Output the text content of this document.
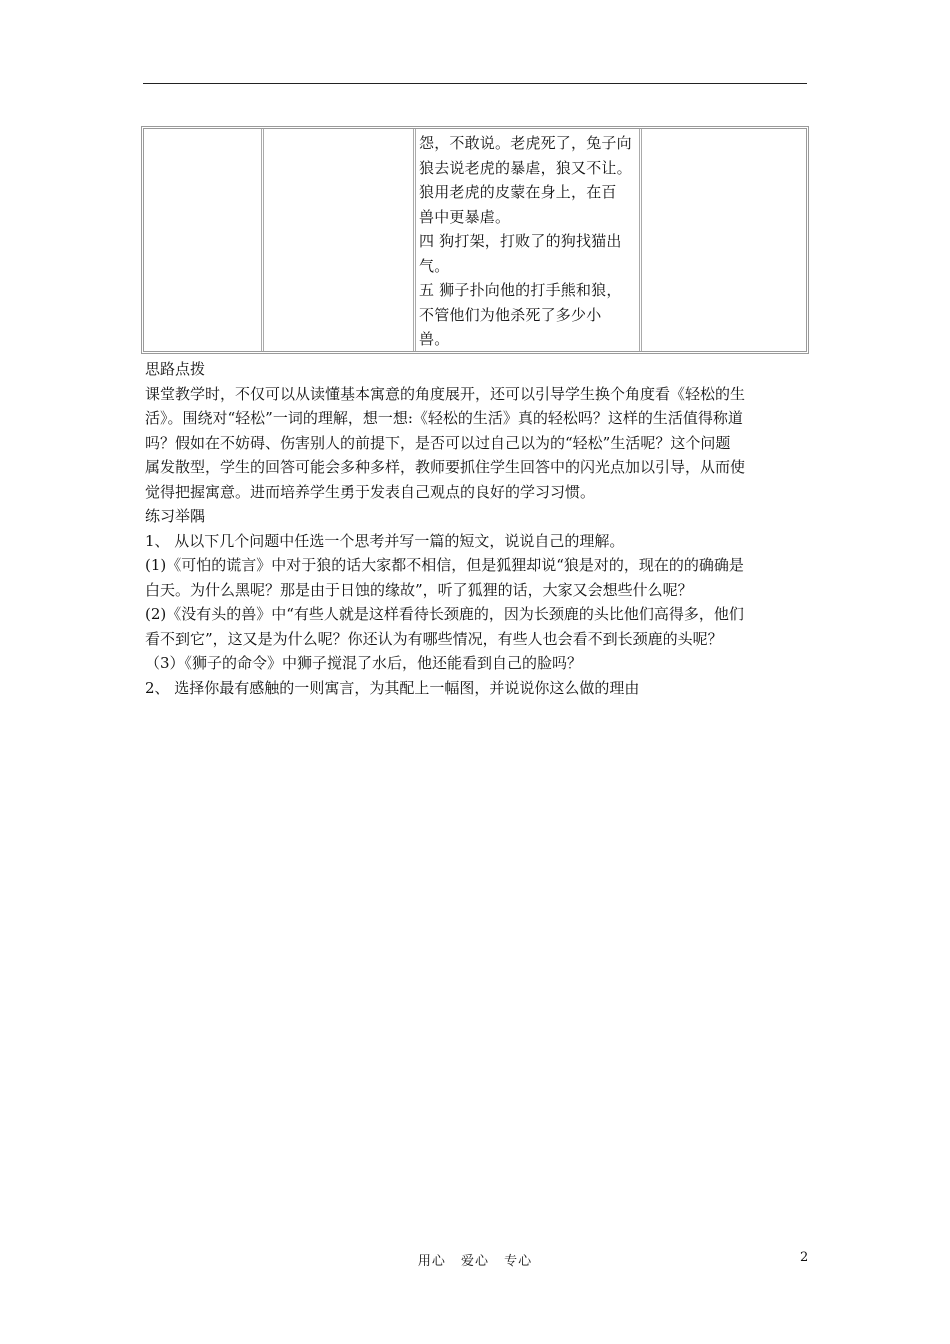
怨，不敢说。老虎死了，兔子向
狼去说老虎的暴虐，狼又不让。
狼用老虎的皮蒙在身上，在百
兽中更暴虐。
四 狗打架，打败了的狗找猫出
气。
五 狮子扑向他的打手熊和狼，
不管他们为他杀死了多少小
兽。
思路点拨
课堂教学时，不仅可以从读懂基本寓意的角度展开，还可以引导学生换个角度看《轻松的生
活》。围绕对“轻松”一词的理解，想一想:《轻松的生活》真的轻松吗？这样的生活值得称道
吗？假如在不妨碍、伤害别人的前提下，是否可以过自己以为的“轻松”生活呢？这个问题
属发散型，学生的回答可能会多种多样，教师要抓住学生回答中的闪光点加以引导，从而使
觉得把握寓意。进而培养学生勇于发表自己观点的良好的学习习惯。
练习举隅
1、 从以下几个问题中任选一个思考并写一篇的短文，说说自己的理解。
(1)《可怕的谎言》中对于狼的话大家都不相信，但是狐狸却说“狼是对的，现在的的确确是
白天。为什么黑呢？那是由于日蚀的缘故”，听了狐狸的话，大家又会想些什么呢？
(2)《没有头的兽》中“有些人就是这样看待长颈鹿的，因为长颈鹿的头比他们高得多，他们
看不到它”，这又是为什么呢？你还认为有哪些情况，有些人也会看不到长颈鹿的头呢？
（3）《狮子的命令》中狮子搅混了水后，他还能看到自己的脸吗？
2、 选择你最有感触的一则寓言，为其配上一幅图，并说说你这么做的理由
用心 爱心 专心	2
